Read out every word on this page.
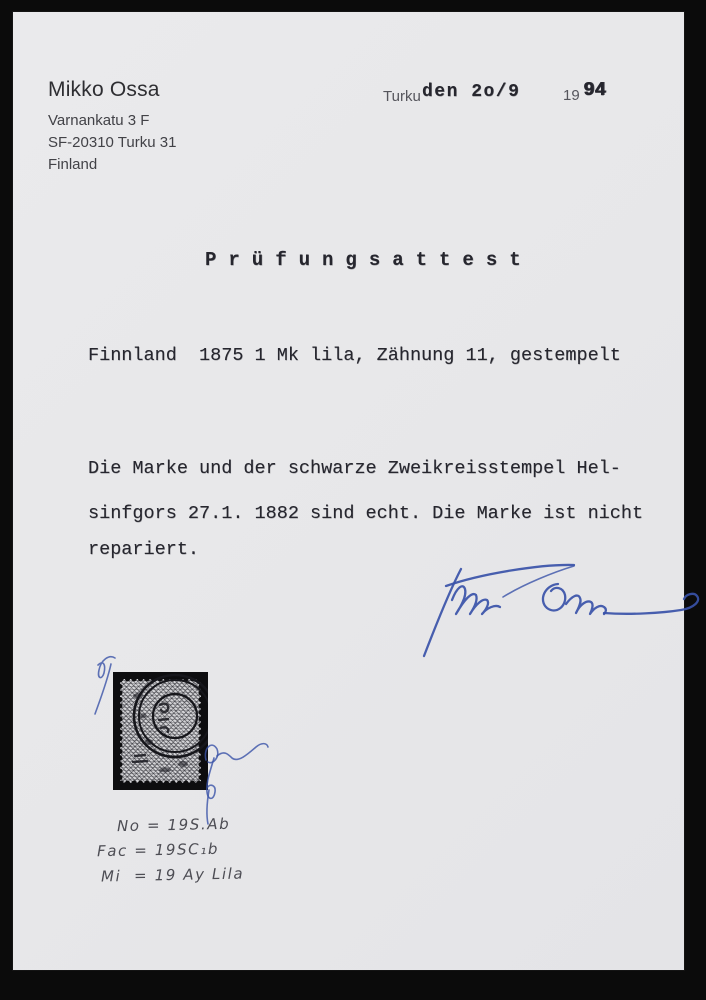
Mikko Ossa
Varnankatu 3 F
SF-20310 Turku 31
Finland
Turku den 2o/9	19 94
Prüfungsattest
Finnland  1875 1 Mk lila, Zähnung 11, gestempelt
Die Marke und der schwarze Zweikreisstempel Hel-
sinfgors 27.1. 1882 sind echt. Die Marke ist nicht
repariert.
No = 19S.Ab
Fac = 19SC₁b
Mi  = 19 Ay Lila
